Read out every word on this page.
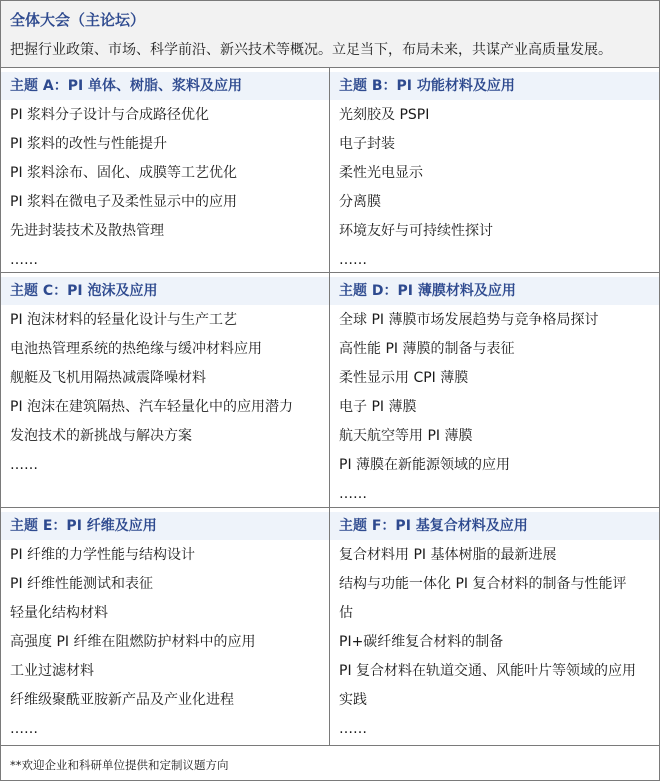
全体大会（主论坛）
把握行业政策、市场、科学前沿、新兴技术等概况。立足当下，布局未来，共谋产业高质量发展。
主题 A：PI 单体、树脂、浆料及应用
PI 浆料分子设计与合成路径优化
PI 浆料的改性与性能提升
PI 浆料涂布、固化、成膜等工艺优化
PI 浆料在微电子及柔性显示中的应用
先进封装技术及散热管理
……
主题 B：PI 功能材料及应用
光刻胶及 PSPI
电子封装
柔性光电显示
分离膜
环境友好与可持续性探讨
……
主题 C：PI 泡沫及应用
PI 泡沫材料的轻量化设计与生产工艺
电池热管理系统的热绝缘与缓冲材料应用
舰艇及飞机用隔热减震降噪材料
PI 泡沫在建筑隔热、汽车轻量化中的应用潜力
发泡技术的新挑战与解决方案
……
主题 D：PI 薄膜材料及应用
全球 PI 薄膜市场发展趋势与竞争格局探讨
高性能 PI 薄膜的制备与表征
柔性显示用 CPI 薄膜
电子 PI 薄膜
航天航空等用 PI 薄膜
PI 薄膜在新能源领域的应用
……
主题 E：PI 纤维及应用
PI 纤维的力学性能与结构设计
PI 纤维性能测试和表征
轻量化结构材料
高强度 PI 纤维在阻燃防护材料中的应用
工业过滤材料
纤维级聚酰亚胺新产品及产业化进程
……
主题 F：PI 基复合材料及应用
复合材料用 PI 基体树脂的最新进展
结构与功能一体化 PI 复合材料的制备与性能评
估
PI+碳纤维复合材料的制备
PI 复合材料在轨道交通、风能叶片等领域的应用
实践
……
**欢迎企业和科研单位提供和定制议题方向
